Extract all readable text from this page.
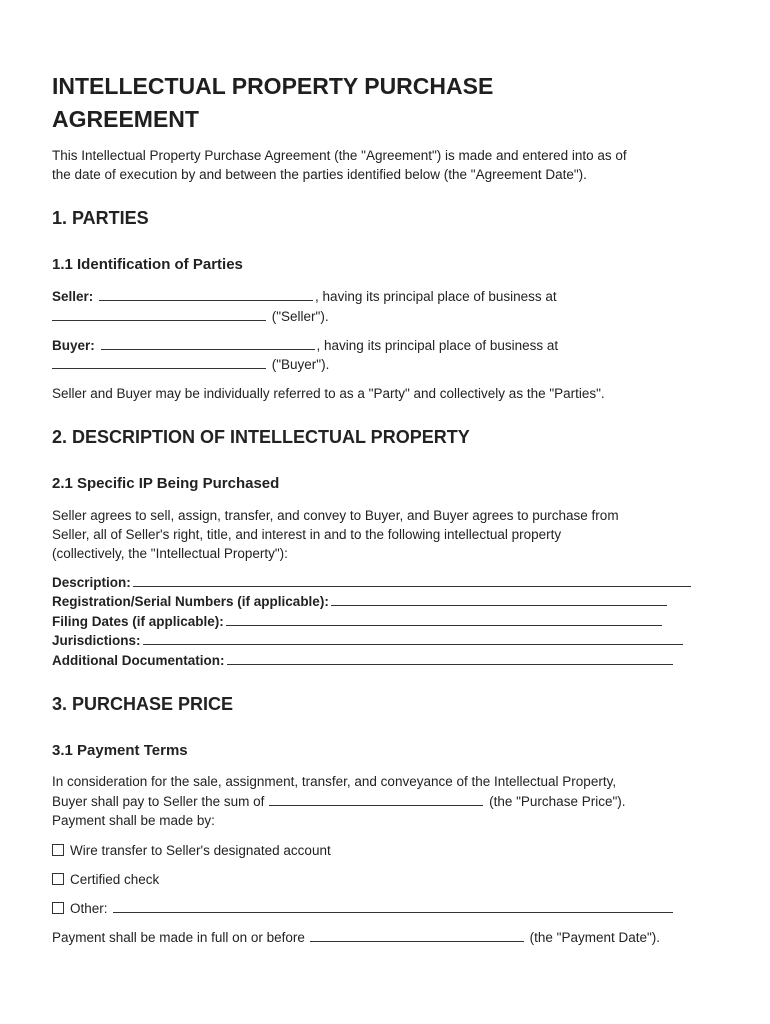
INTELLECTUAL PROPERTY PURCHASE
AGREEMENT
This Intellectual Property Purchase Agreement (the "Agreement") is made and entered into as of
the date of execution by and between the parties identified below (the "Agreement Date").
1. PARTIES
1.1 Identification of Parties
Seller:	, having its principal place of business at
("Seller").
Buyer:	, having its principal place of business at
("Buyer").
Seller and Buyer may be individually referred to as a "Party" and collectively as the "Parties".
2. DESCRIPTION OF INTELLECTUAL PROPERTY
2.1 Specific IP Being Purchased
Seller agrees to sell, assign, transfer, and convey to Buyer, and Buyer agrees to purchase from
Seller, all of Seller's right, title, and interest in and to the following intellectual property
(collectively, the "Intellectual Property"):
Description:
Registration/Serial Numbers (if applicable):
Filing Dates (if applicable):
Jurisdictions:
Additional Documentation:
3. PURCHASE PRICE
3.1 Payment Terms
In consideration for the sale, assignment, transfer, and conveyance of the Intellectual Property,
Buyer shall pay to Seller the sum of	(the "Purchase Price").
Payment shall be made by:
Wire transfer to Seller's designated account
Certified check
Other:
Payment shall be made in full on or before	(the "Payment Date").
